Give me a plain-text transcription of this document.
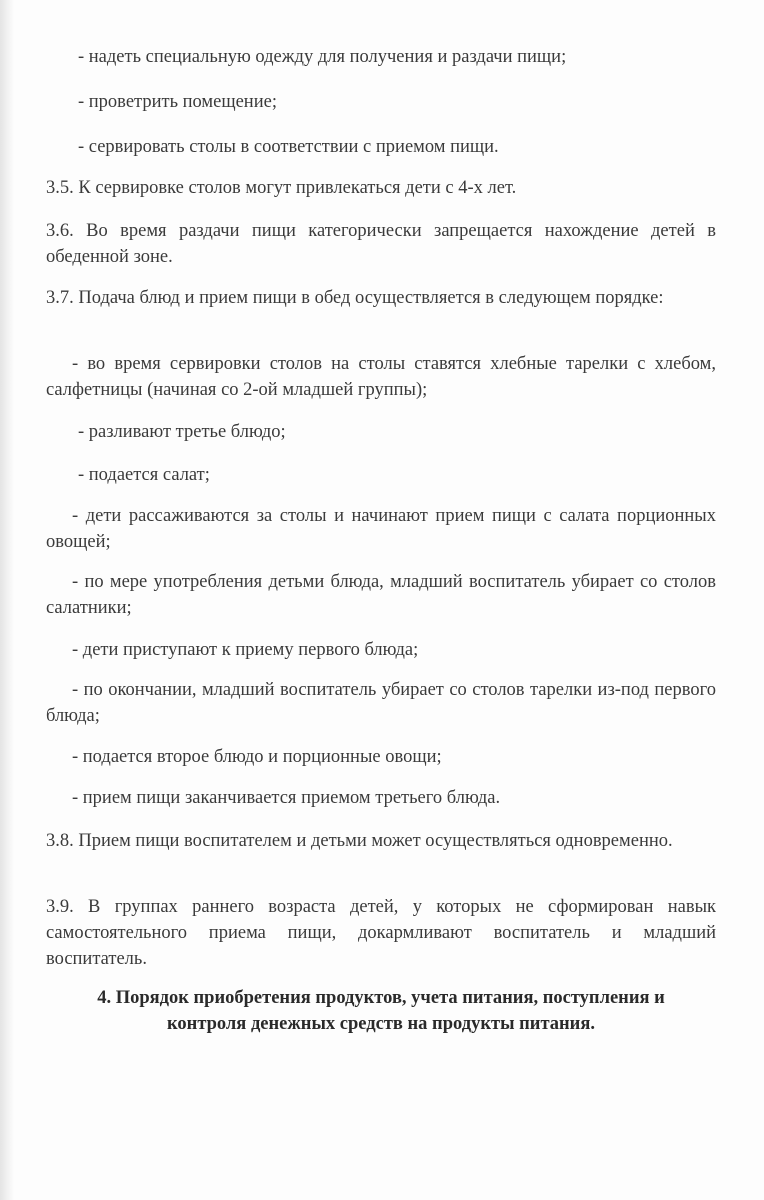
- надеть специальную одежду для получения и раздачи пищи;
- проветрить помещение;
- сервировать столы в соответствии с приемом пищи.
3.5. К сервировке столов могут привлекаться дети с 4-х лет.
3.6. Во время раздачи пищи категорически запрещается нахождение детей в обеденной зоне.
3.7. Подача блюд и прием пищи в обед осуществляется в следующем порядке:
- во время сервировки столов на столы ставятся хлебные тарелки с хлебом, салфетницы (начиная со 2-ой младшей группы);
- разливают третье блюдо;
- подается салат;
- дети рассаживаются за столы и начинают прием пищи с салата порционных овощей;
- по мере употребления детьми блюда, младший воспитатель убирает со столов салатники;
- дети приступают к приему первого блюда;
- по окончании, младший воспитатель убирает со столов тарелки из-под первого блюда;
- подается второе блюдо и порционные овощи;
- прием пищи заканчивается приемом третьего блюда.
3.8. Прием пищи воспитателем и детьми может осуществляться одновременно.
3.9. В группах раннего возраста детей, у которых не сформирован навык самостоятельного приема пищи, докармливают воспитатель и младший воспитатель.
4. Порядок приобретения продуктов, учета питания, поступления и
контроля денежных средств на продукты питания.
